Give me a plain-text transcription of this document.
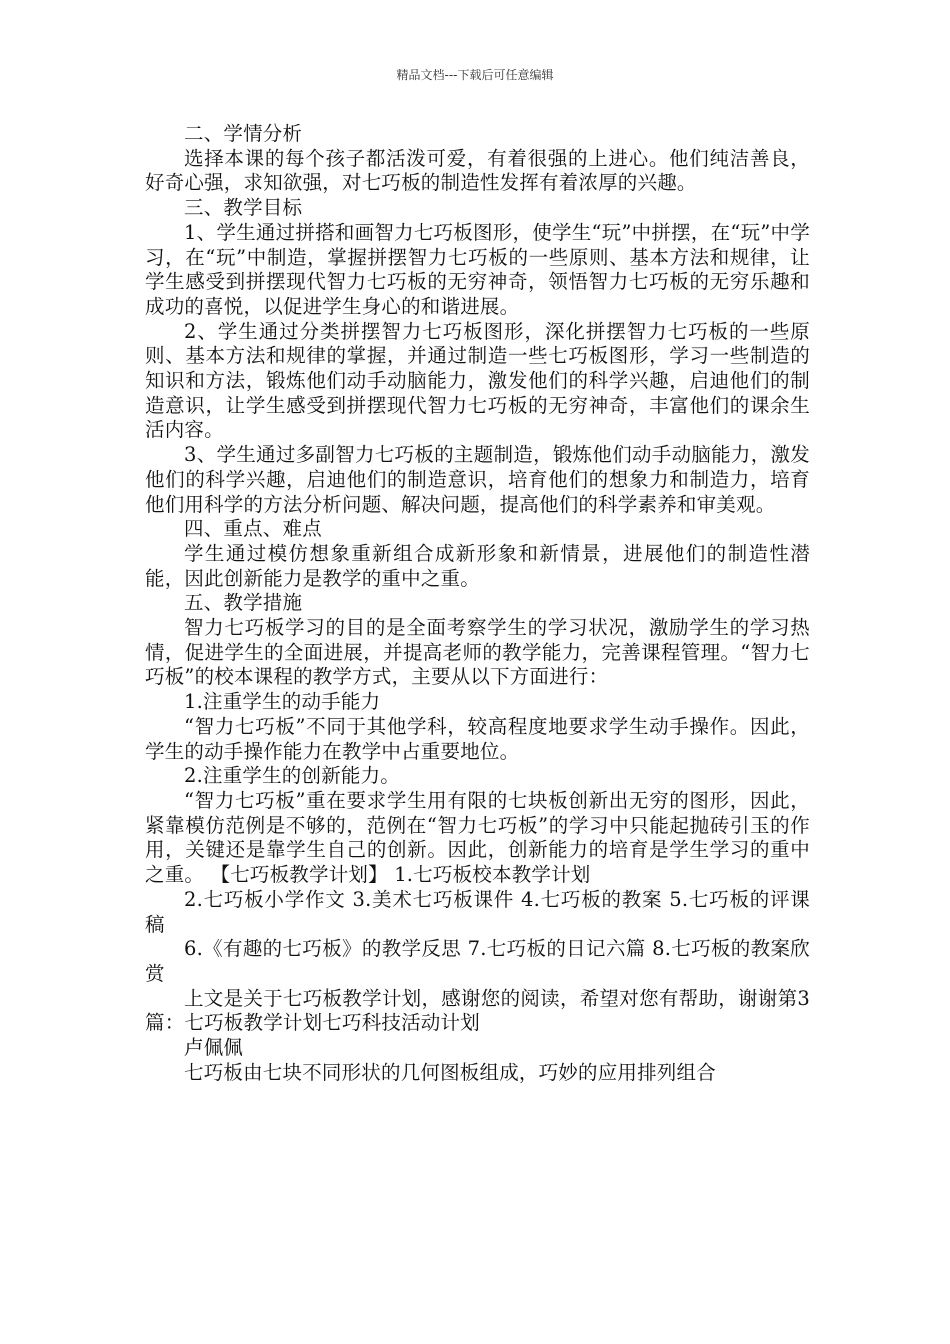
精品文档---下载后可任意编辑

二、学情分析

选择本课的每个孩子都活泼可爱，有着很强的上进心。他们纯洁善良，好奇心强，求知欲强，对七巧板的制造性发挥有着浓厚的兴趣。

三、教学目标

1、学生通过拼搭和画智力七巧板图形，使学生“玩”中拼摆，在“玩”中学习，在“玩”中制造，掌握拼摆智力七巧板的一些原则、基本方法和规律，让学生感受到拼摆现代智力七巧板的无穷神奇，领悟智力七巧板的无穷乐趣和成功的喜悦，以促进学生身心的和谐进展。

2、学生通过分类拼摆智力七巧板图形，深化拼摆智力七巧板的一些原则、基本方法和规律的掌握，并通过制造一些七巧板图形，学习一些制造的知识和方法，锻炼他们动手动脑能力，激发他们的科学兴趣，启迪他们的制造意识，让学生感受到拼摆现代智力七巧板的无穷神奇，丰富他们的课余生活内容。

3、学生通过多副智力七巧板的主题制造，锻炼他们动手动脑能力，激发他们的科学兴趣，启迪他们的制造意识，培育他们的想象力和制造力，培育他们用科学的方法分析问题、解决问题，提高他们的科学素养和审美观。

四、重点、难点

学生通过模仿想象重新组合成新形象和新情景，进展他们的制造性潜能，因此创新能力是教学的重中之重。

五、教学措施

智力七巧板学习的目的是全面考察学生的学习状况，激励学生的学习热情，促进学生的全面进展，并提高老师的教学能力，完善课程管理。“智力七巧板”的校本课程的教学方式，主要从以下方面进行：

1.注重学生的动手能力

“智力七巧板”不同于其他学科，较高程度地要求学生动手操作。因此，学生的动手操作能力在教学中占重要地位。

2.注重学生的创新能力。

“智力七巧板”重在要求学生用有限的七块板创新出无穷的图形，因此，紧靠模仿范例是不够的，范例在“智力七巧板”的学习中只能起抛砖引玉的作用，关键还是靠学生自己的创新。因此，创新能力的培育是学生学习的重中之重。 【七巧板教学计划】 1.七巧板校本教学计划

2.七巧板小学作文 3.美术七巧板课件 4.七巧板的教案 5.七巧板的评课稿

6.《有趣的七巧板》的教学反思 7.七巧板的日记六篇 8.七巧板的教案欣赏

上文是关于七巧板教学计划，感谢您的阅读，希望对您有帮助，谢谢第3篇：七巧板教学计划七巧科技活动计划

卢佩佩

七巧板由七块不同形状的几何图板组成，巧妙的应用排列组合
